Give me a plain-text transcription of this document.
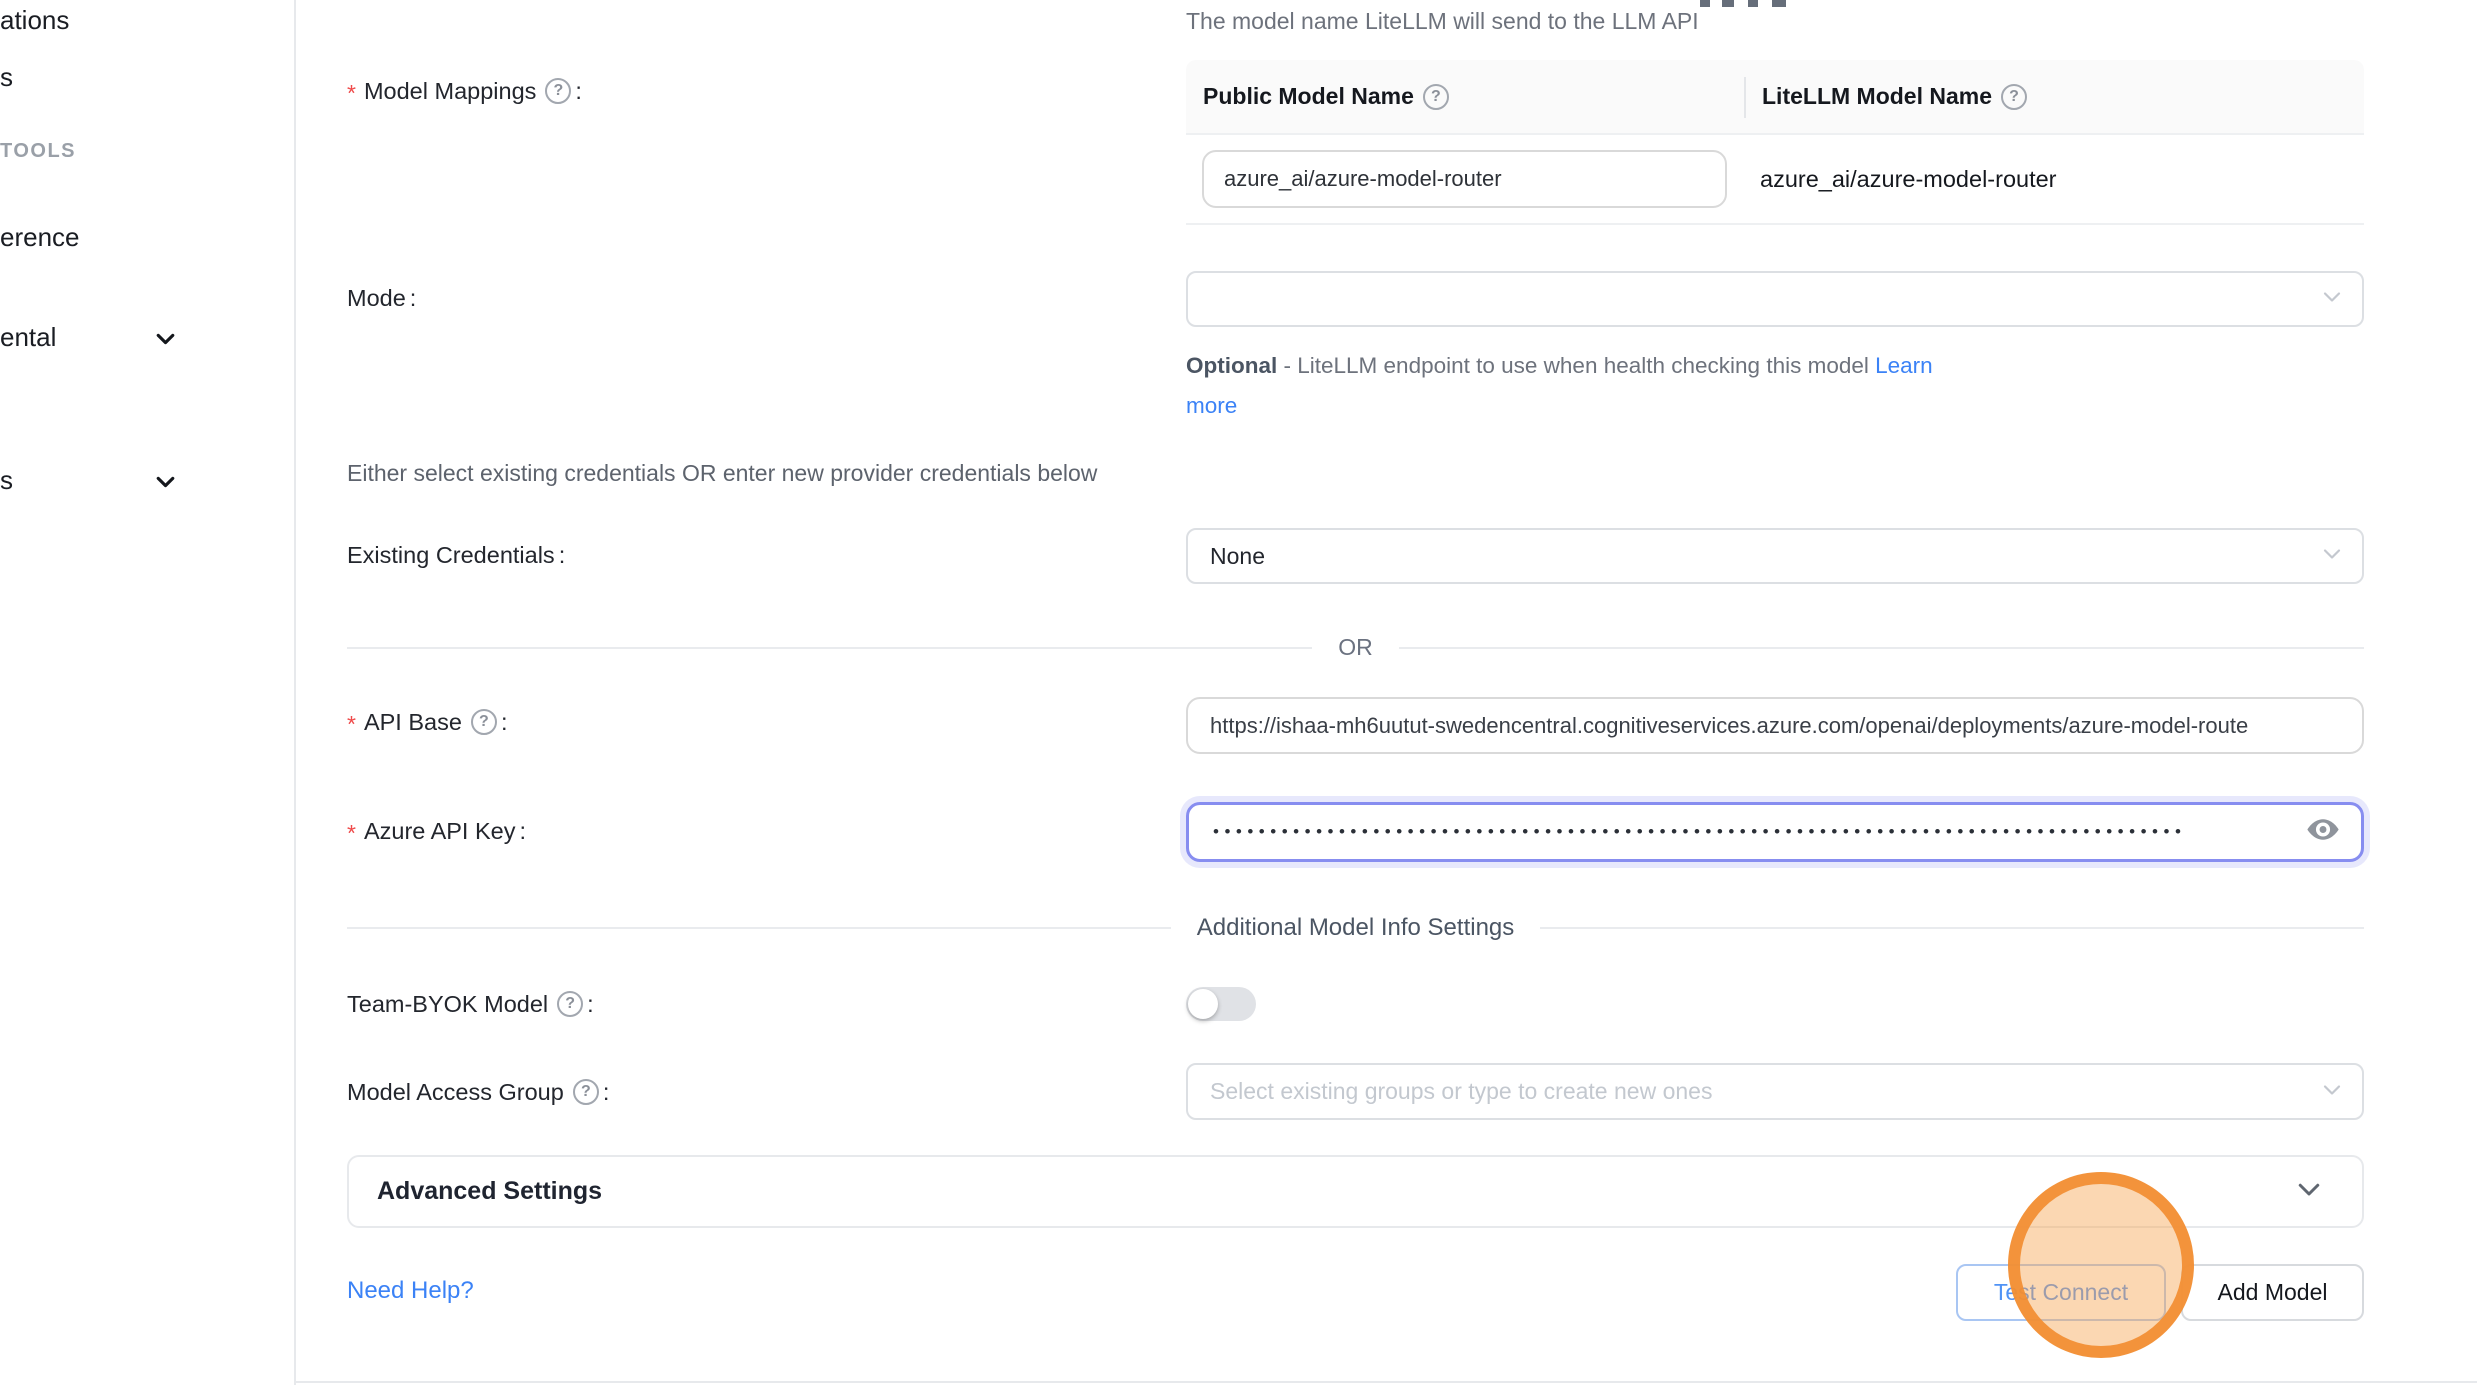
ations
s
TOOLS
erence
ental
s
The model name LiteLLM will send to the LLM API
* Model Mappings	? :	Public Model Name	?	LiteLLM Model Name	?
azure_ai/azure-model-router	azure_ai/azure-model-router
Mode :
Optional - LiteLLM endpoint to use when health checking this model Learn
more
Either select existing credentials OR enter new provider credentials below
Existing Credentials :	None
OR
* API Base	? :	https://ishaa-mh6uutut-swedencentral.cognitiveservices.azure.com/openai/deployments/azure-model-route
* Azure API Key :	•••••••••••••••••••••••••••••••••••••••••••••••••••••••••••••••••••••••••••••••••••••
Additional Model Info Settings
Team-BYOK Model	? :
Model Access Group	? :	Select existing groups or type to create new ones
Advanced Settings
Need Help?	Test Connect	Add Model
